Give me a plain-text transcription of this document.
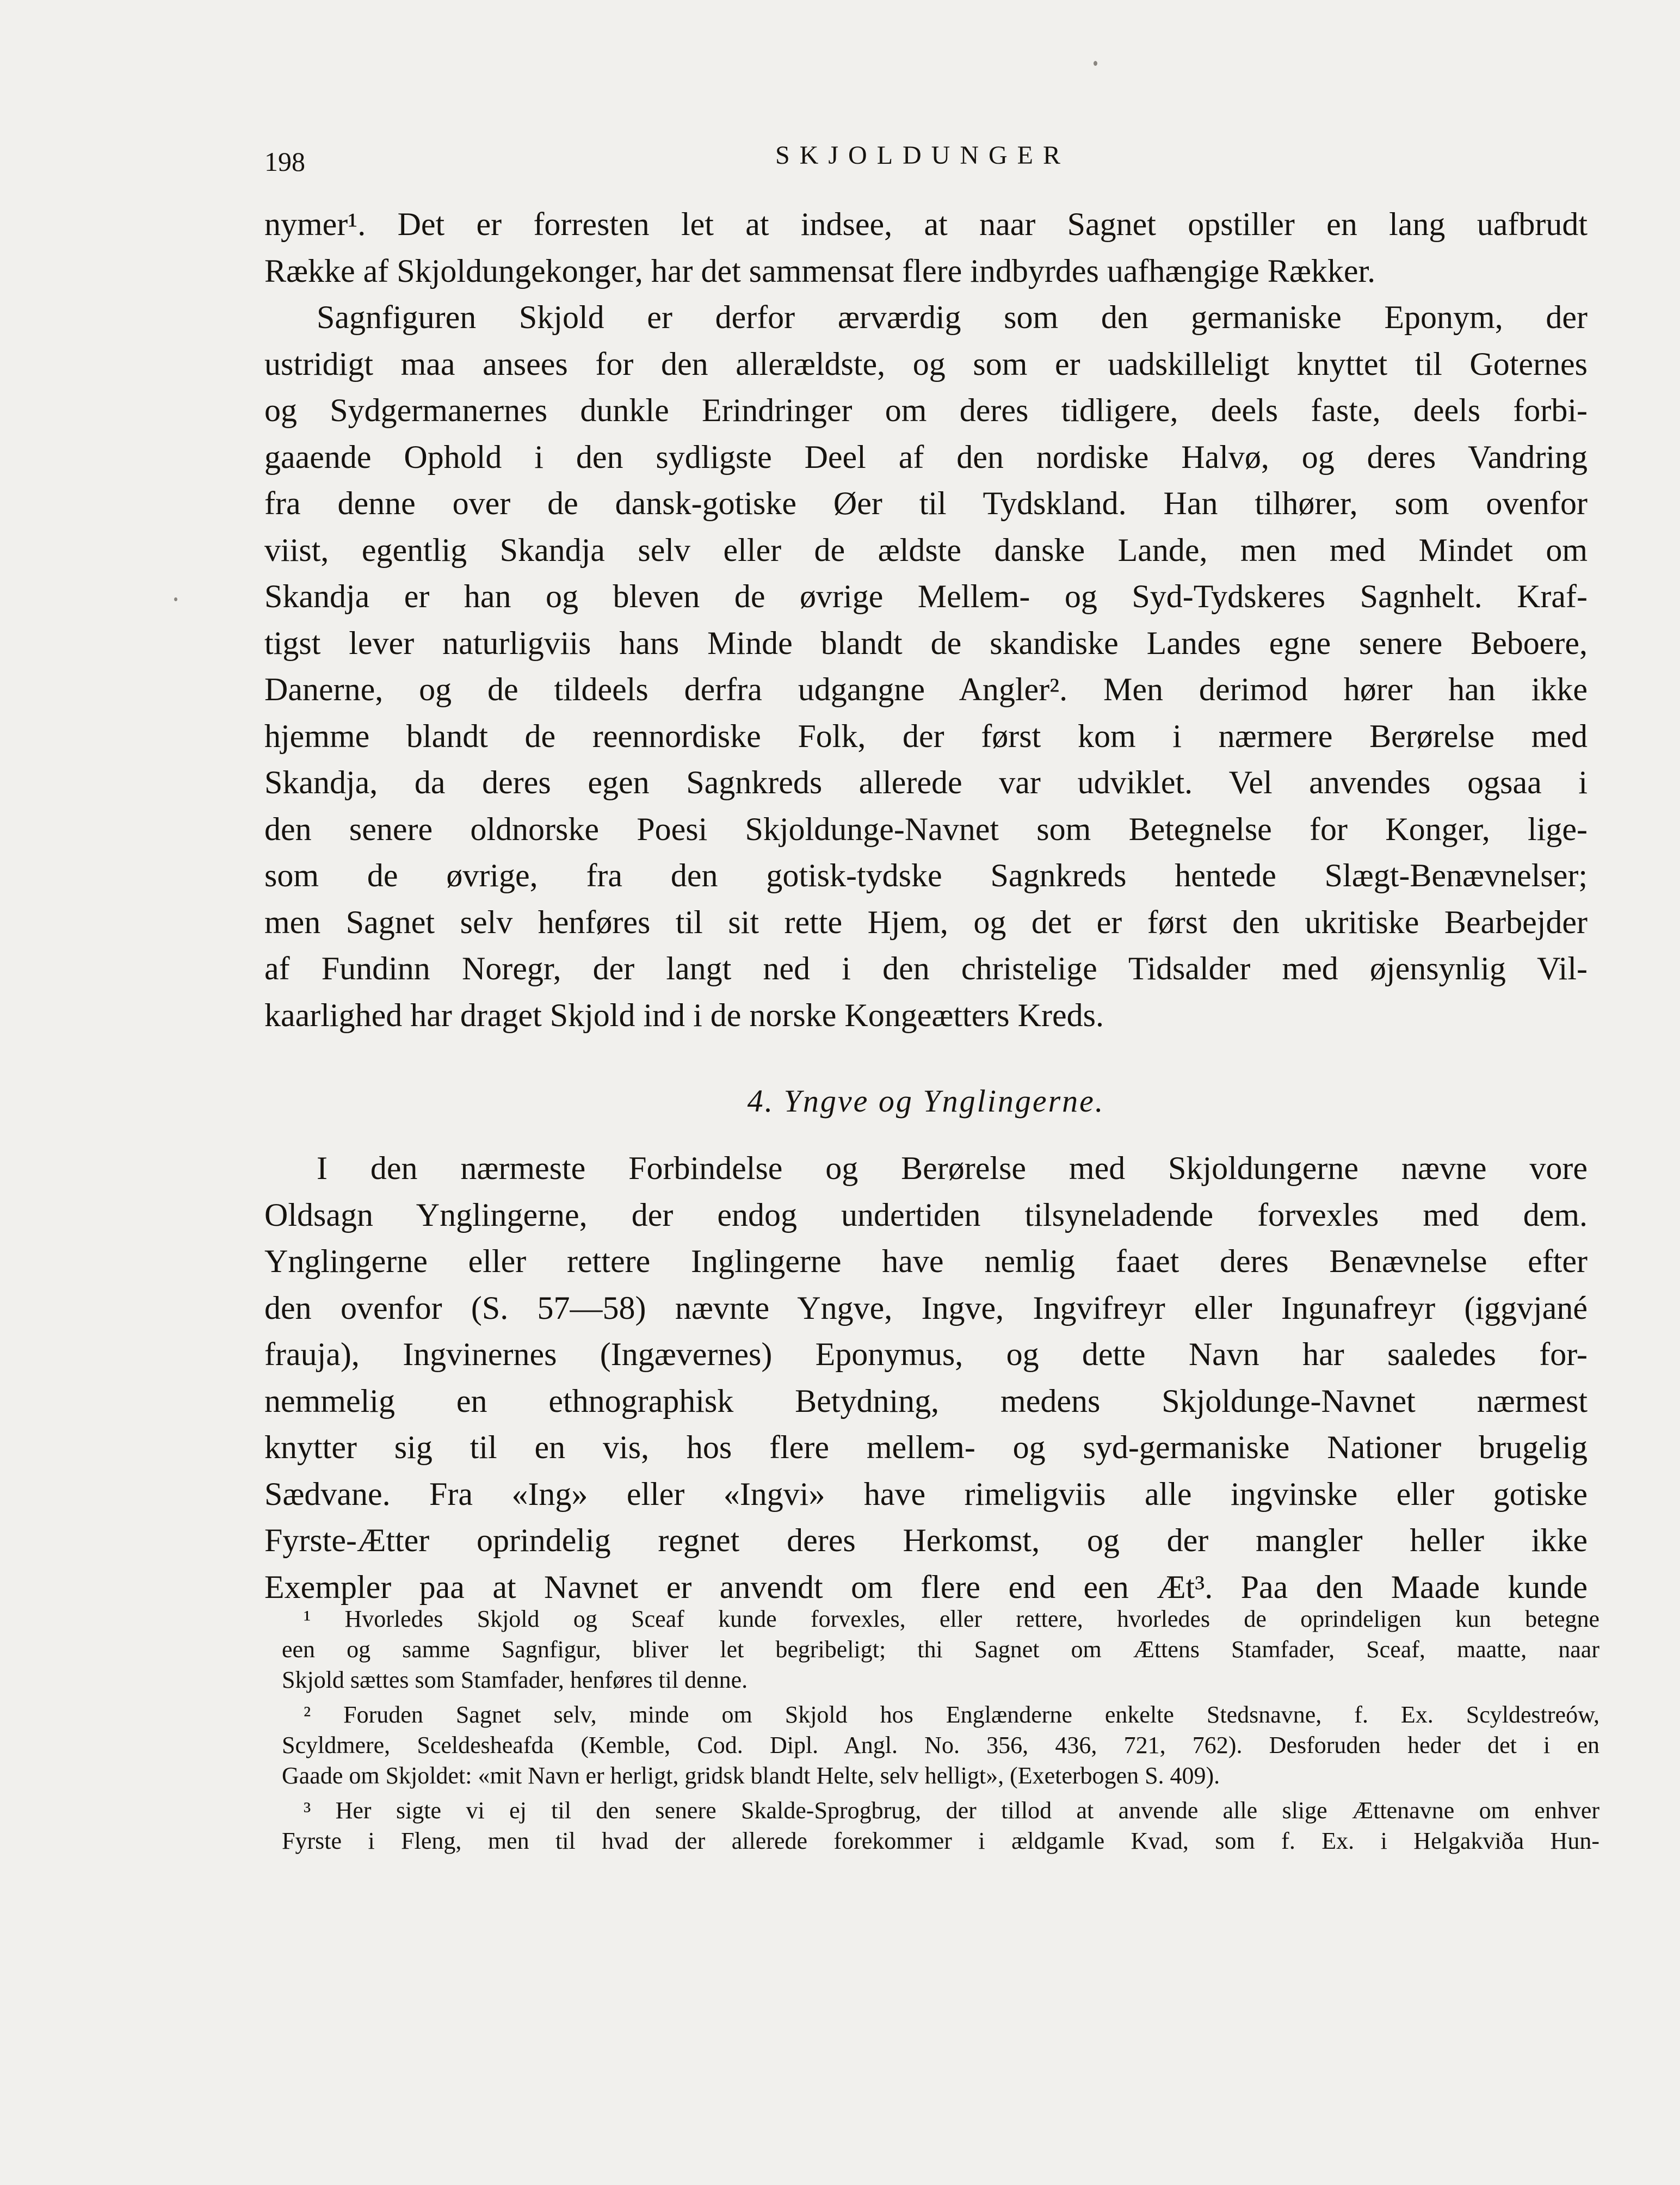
198	SKJOLDUNGER

nymer¹. Det er forresten let at indsee, at naar Sagnet opstiller en lang uafbrudt
Række af Skjoldungekonger, har det sammensat flere indbyrdes uafhængige Rækker.

Sagnfiguren Skjold er derfor ærværdig som den germaniske Eponym, der
ustridigt maa ansees for den allerældste, og som er uadskilleligt knyttet til Goternes
og Sydgermanernes dunkle Erindringer om deres tidligere, deels faste, deels forbi-
gaaende Ophold i den sydligste Deel af den nordiske Halvø, og deres Vandring
fra denne over de dansk-gotiske Øer til Tydskland. Han tilhører, som ovenfor
viist, egentlig Skandja selv eller de ældste danske Lande, men med Mindet om
Skandja er han og bleven de øvrige Mellem- og Syd-Tydskeres Sagnhelt. Kraf-
tigst lever naturligviis hans Minde blandt de skandiske Landes egne senere Beboere,
Danerne, og de tildeels derfra udgangne Angler². Men derimod hører han ikke
hjemme blandt de reennordiske Folk, der først kom i nærmere Berørelse med
Skandja, da deres egen Sagnkreds allerede var udviklet. Vel anvendes ogsaa i
den senere oldnorske Poesi Skjoldunge-Navnet som Betegnelse for Konger, lige-
som de øvrige, fra den gotisk-tydske Sagnkreds hentede Slægt-Benævnelser;
men Sagnet selv henføres til sit rette Hjem, og det er først den ukritiske Bearbejder
af Fundinn Noregr, der langt ned i den christelige Tidsalder med øjensynlig Vil-
kaarlighed har draget Skjold ind i de norske Kongeætters Kreds.

4. Yngve og Ynglingerne.

I den nærmeste Forbindelse og Berørelse med Skjoldungerne nævne vore
Oldsagn Ynglingerne, der endog undertiden tilsyneladende forvexles med dem.
Ynglingerne eller rettere Inglingerne have nemlig faaet deres Benævnelse efter
den ovenfor (S. 57—58) nævnte Yngve, Ingve, Ingvifreyr eller Ingunafreyr (iggvjané
frauja), Ingvinernes (Ingævernes) Eponymus, og dette Navn har saaledes for-
nemmelig en ethnographisk Betydning, medens Skjoldunge-Navnet nærmest
knytter sig til en vis, hos flere mellem- og syd-germaniske Nationer brugelig
Sædvane. Fra «Ing» eller «Ingvi» have rimeligviis alle ingvinske eller gotiske
Fyrste-Ætter oprindelig regnet deres Herkomst, og der mangler heller ikke
Exempler paa at Navnet er anvendt om flere end een Æt³. Paa den Maade kunde

¹ Hvorledes Skjold og Sceaf kunde forvexles, eller rettere, hvorledes de oprindeligen kun betegne
een og samme Sagnfigur, bliver let begribeligt; thi Sagnet om Ættens Stamfader, Sceaf, maatte, naar
Skjold sættes som Stamfader, henføres til denne.
² Foruden Sagnet selv, minde om Skjold hos Englænderne enkelte Stedsnavne, f. Ex. Scyldestreów,
Scyldmere, Sceldesheafda (Kemble, Cod. Dipl. Angl. No. 356, 436, 721, 762). Desforuden heder det i en
Gaade om Skjoldet: «mit Navn er herligt, gridsk blandt Helte, selv helligt», (Exeterbogen S. 409).
³ Her sigte vi ej til den senere Skalde-Sprogbrug, der tillod at anvende alle slige Ættenavne om enhver
Fyrste i Fleng, men til hvad der allerede forekommer i ældgamle Kvad, som f. Ex. i Helgakviða Hun-
